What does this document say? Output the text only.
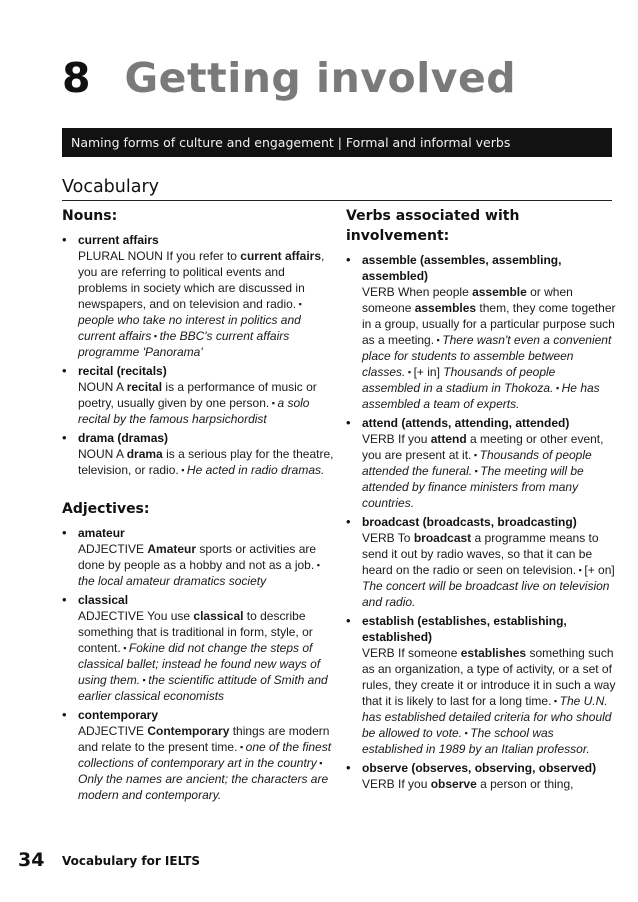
8 Getting involved
Naming forms of culture and engagement | Formal and informal verbs
Vocabulary
Nouns:
• current affairs
PLURAL NOUN If you refer to current affairs, you are referring to political events and problems in society which are discussed in newspapers, and on television and radio. ▪ people who take no interest in politics and current affairs ▪ the BBC's current affairs programme 'Panorama'
• recital (recitals)
NOUN A recital is a performance of music or poetry, usually given by one person. ▪ a solo recital by the famous harpsichordist
• drama (dramas)
NOUN A drama is a serious play for the theatre, television, or radio. ▪ He acted in radio dramas.
Adjectives:
• amateur
ADJECTIVE Amateur sports or activities are done by people as a hobby and not as a job. ▪ the local amateur dramatics society
• classical
ADJECTIVE You use classical to describe something that is traditional in form, style, or content. ▪ Fokine did not change the steps of classical ballet; instead he found new ways of using them. ▪ the scientific attitude of Smith and earlier classical economists
• contemporary
ADJECTIVE Contemporary things are modern and relate to the present time. ▪ one of the finest collections of contemporary art in the country ▪ Only the names are ancient; the characters are modern and contemporary.
Verbs associated with involvement:
• assemble (assembles, assembling, assembled)
VERB When people assemble or when someone assembles them, they come together in a group, usually for a particular purpose such as a meeting. ▪ There wasn't even a convenient place for students to assemble between classes. ▪ [+ in] Thousands of people assembled in a stadium in Thokoza. ▪ He has assembled a team of experts.
• attend (attends, attending, attended)
VERB If you attend a meeting or other event, you are present at it. ▪ Thousands of people attended the funeral. ▪ The meeting will be attended by finance ministers from many countries.
• broadcast (broadcasts, broadcasting)
VERB To broadcast a programme means to send it out by radio waves, so that it can be heard on the radio or seen on television. ▪ [+ on] The concert will be broadcast live on television and radio.
• establish (establishes, establishing, established)
VERB If someone establishes something such as an organization, a type of activity, or a set of rules, they create it or introduce it in such a way that it is likely to last for a long time. ▪ The U.N. has established detailed criteria for who should be allowed to vote. ▪ The school was established in 1989 by an Italian professor.
• observe (observes, observing, observed)
VERB If you observe a person or thing,
34 Vocabulary for IELTS
